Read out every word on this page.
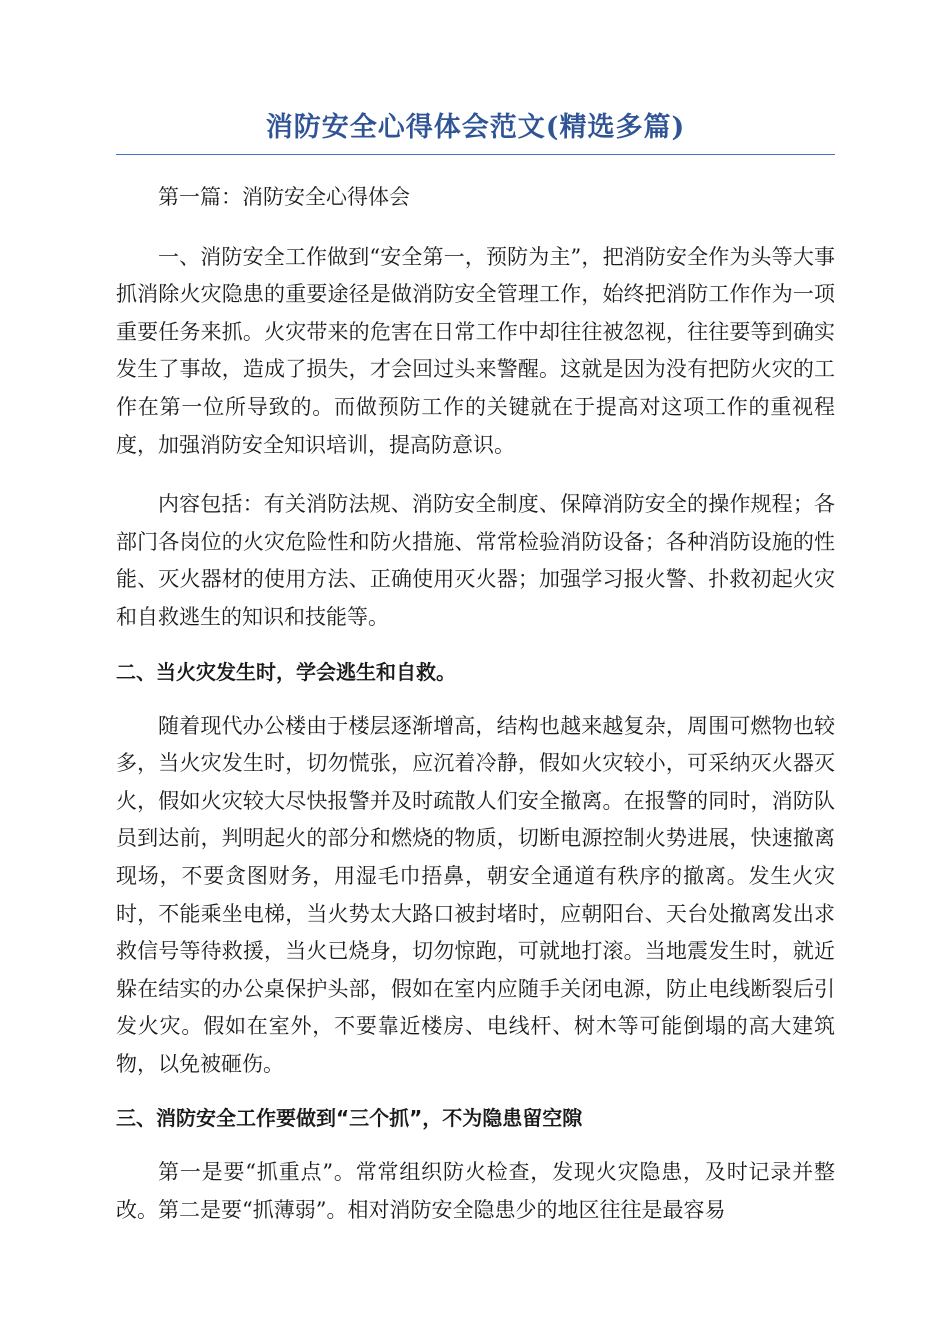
消防安全心得体会范文(精选多篇)

第一篇：消防安全心得体会

一、消防安全工作做到“安全第一，预防为主”，把消防安全作为头等大事抓消除火灾隐患的重要途径是做消防安全管理工作，始终把消防工作作为一项重要任务来抓。火灾带来的危害在日常工作中却往往被忽视，往往要等到确实发生了事故，造成了损失，才会回过头来警醒。这就是因为没有把防火灾的工作在第一位所导致的。而做预防工作的关键就在于提高对这项工作的重视程度，加强消防安全知识培训，提高防意识。

内容包括：有关消防法规、消防安全制度、保障消防安全的操作规程；各部门各岗位的火灾危险性和防火措施、常常检验消防设备；各种消防设施的性能、灭火器材的使用方法、正确使用灭火器；加强学习报火警、扑救初起火灾和自救逃生的知识和技能等。

二、当火灾发生时，学会逃生和自救。

随着现代办公楼由于楼层逐渐增高，结构也越来越复杂，周围可燃物也较多，当火灾发生时，切勿慌张，应沉着冷静，假如火灾较小，可采纳灭火器灭火，假如火灾较大尽快报警并及时疏散人们安全撤离。在报警的同时，消防队员到达前，判明起火的部分和燃烧的物质，切断电源控制火势进展，快速撤离现场，不要贪图财务，用湿毛巾捂鼻，朝安全通道有秩序的撤离。发生火灾时，不能乘坐电梯，当火势太大路口被封堵时，应朝阳台、天台处撤离发出求救信号等待救援，当火已烧身，切勿惊跑，可就地打滚。当地震发生时，就近躲在结实的办公桌保护头部，假如在室内应随手关闭电源，防止电线断裂后引发火灾。假如在室外，不要靠近楼房、电线杆、树木等可能倒塌的高大建筑物，以免被砸伤。

三、消防安全工作要做到“三个抓”，不为隐患留空隙

第一是要“抓重点”。常常组织防火检查，发现火灾隐患，及时记录并整改。第二是要“抓薄弱”。相对消防安全隐患少的地区往往是最容易
